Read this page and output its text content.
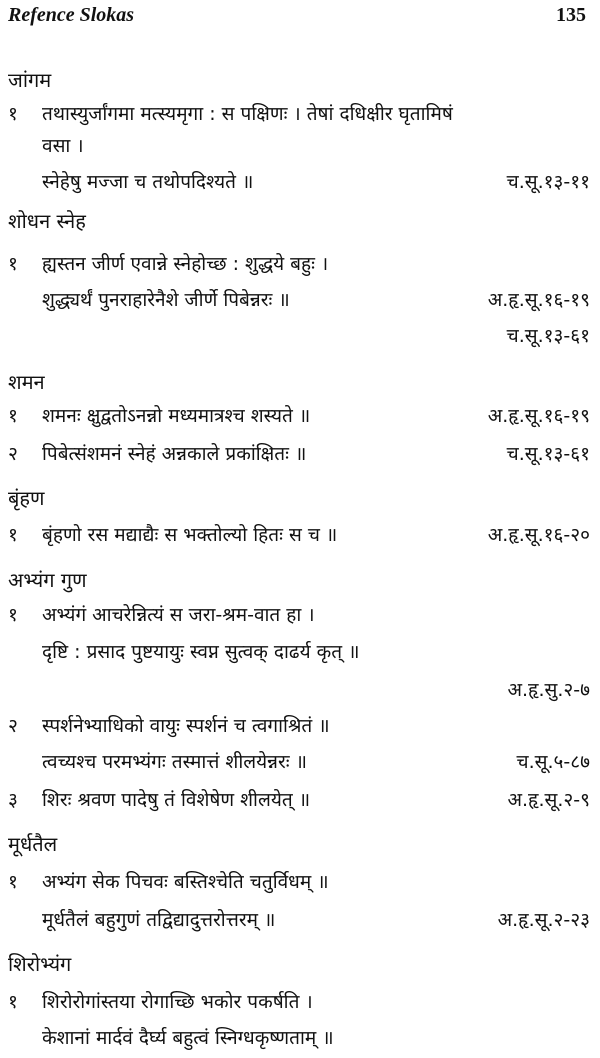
Refence Slokas	135
जांगम
१	तथास्युर्जांगमा मत्स्यमृगा : स पक्षिणः । तेषां दधिक्षीर घृतामिषं
वसा ।
स्नेहेषु मज्जा च तथोपदिश्यते ॥	च.सू.१३-११
शोधन स्नेह
१	ह्यस्तन जीर्ण एवान्ने स्नेहोच्छ : शुद्धये बहुः ।
शुद्ध्यर्थं पुनराहारेनैशे जीर्णे पिबेन्नरः ॥	अ.हृ.सू.१६-१९
च.सू.१३-६१
शमन
१	शमनः क्षुद्वतोऽनन्नो मध्यमात्रश्च शस्यते ॥	अ.हृ.सू.१६-१९
२	पिबेत्संशमनं स्नेहं अन्नकाले प्रकांक्षितः ॥	च.सू.१३-६१
बृंहण
१	बृंहणो रस मद्याद्यैः स भक्तोल्यो हितः स च ॥	अ.हृ.सू.१६-२०
अभ्यंग गुण
१	अभ्यंगं आचरेन्नित्यं स जरा-श्रम-वात हा ।
दृष्टि : प्रसाद पुष्टयायुः स्वप्न सुत्वक् दाढर्य कृत् ॥
अ.हृ.सु.२-७
२	स्पर्शनेभ्याधिको वायुः स्पर्शनं च त्वगाश्रितं ॥
त्वच्यश्च परमभ्यंगः तस्मात्तं शीलयेन्नरः ॥	च.सू.५-८७
३	शिरः श्रवण पादेषु तं विशेषेण शीलयेत् ॥	अ.हृ.सू.२-९
मूर्धतैल
१	अभ्यंग सेक पिचवः बस्तिश्चेति चतुर्विधम् ॥
मूर्धतैलं बहुगुणं तद्विद्यादुत्तरोत्तरम् ॥	अ.हृ.सू.२-२३
शिरोभ्यंग
१	शिरोरोगांस्तया रोगाच्छि भकोर पकर्षति ।
केशानां मार्दवं दैर्घ्य बहुत्वं स्निग्धकृष्णताम् ॥
